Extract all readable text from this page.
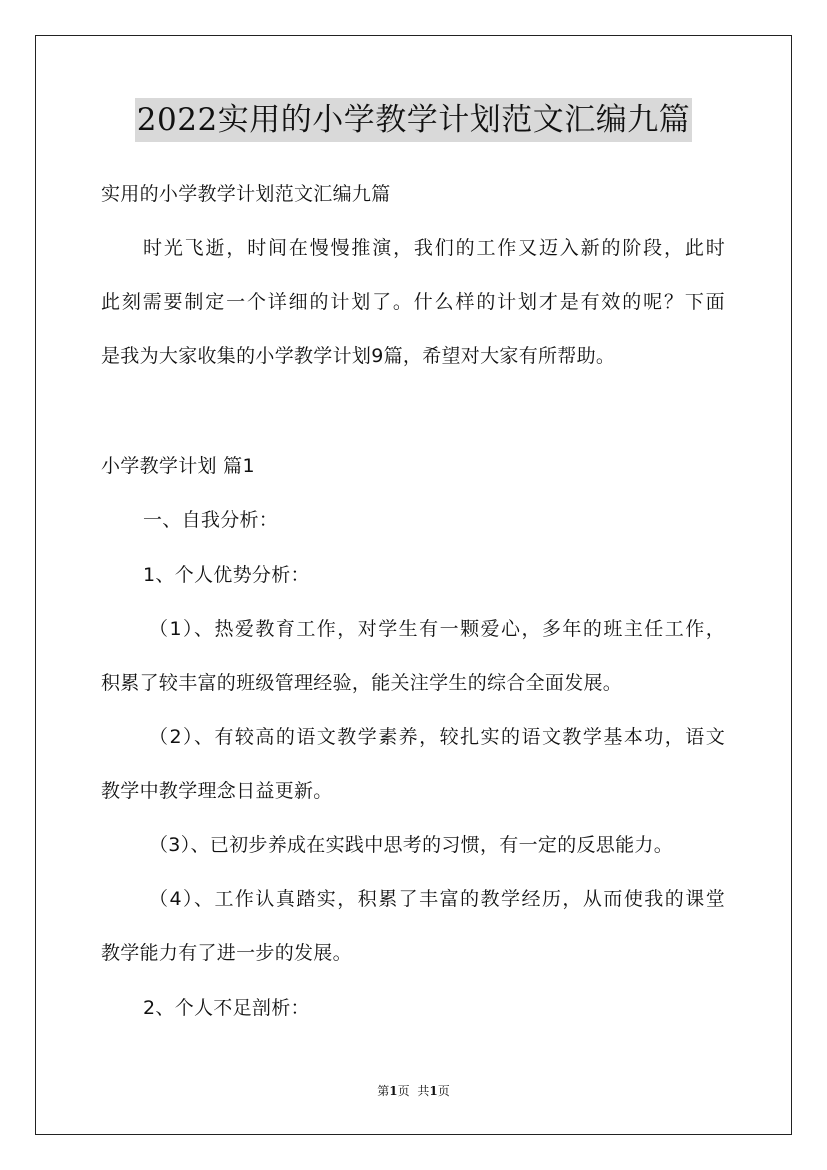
2022实用的小学教学计划范文汇编九篇
实用的小学教学计划范文汇编九篇
时光飞逝，时间在慢慢推演，我们的工作又迈入新的阶段，此时
此刻需要制定一个详细的计划了。什么样的计划才是有效的呢？下面
是我为大家收集的小学教学计划9篇，希望对大家有所帮助。
小学教学计划 篇1
一、自我分析：
1、个人优势分析：
（1）、热爱教育工作，对学生有一颗爱心，多年的班主任工作，
积累了较丰富的班级管理经验，能关注学生的综合全面发展。
（2）、有较高的语文教学素养，较扎实的语文教学基本功，语文
教学中教学理念日益更新。
（3）、已初步养成在实践中思考的习惯，有一定的反思能力。
（4）、工作认真踏实，积累了丰富的教学经历，从而使我的课堂
教学能力有了进一步的发展。
2、个人不足剖析：
第1页 共1页
